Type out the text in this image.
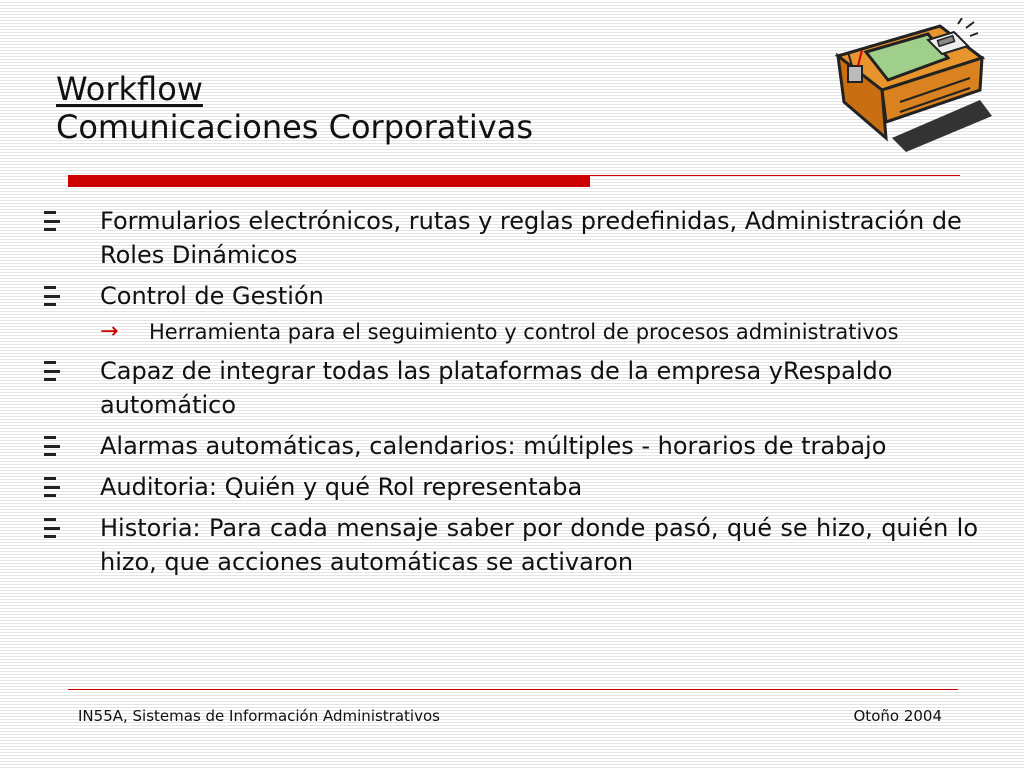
Workflow
Comunicaciones Corporativas
Formularios electrónicos, rutas y reglas predefinidas, Administración de Roles Dinámicos
Control de Gestión
→ Herramienta para el seguimiento y control de procesos administrativos
Capaz de integrar todas las plataformas de la empresa yRespaldo automático
Alarmas automáticas, calendarios: múltiples - horarios de trabajo
Auditoria: Quién y qué Rol representaba
Historia: Para cada mensaje saber por donde pasó, qué se hizo, quién lo hizo, que acciones automáticas se activaron
IN55A, Sistemas de Información Administrativos	Otoño 2004
